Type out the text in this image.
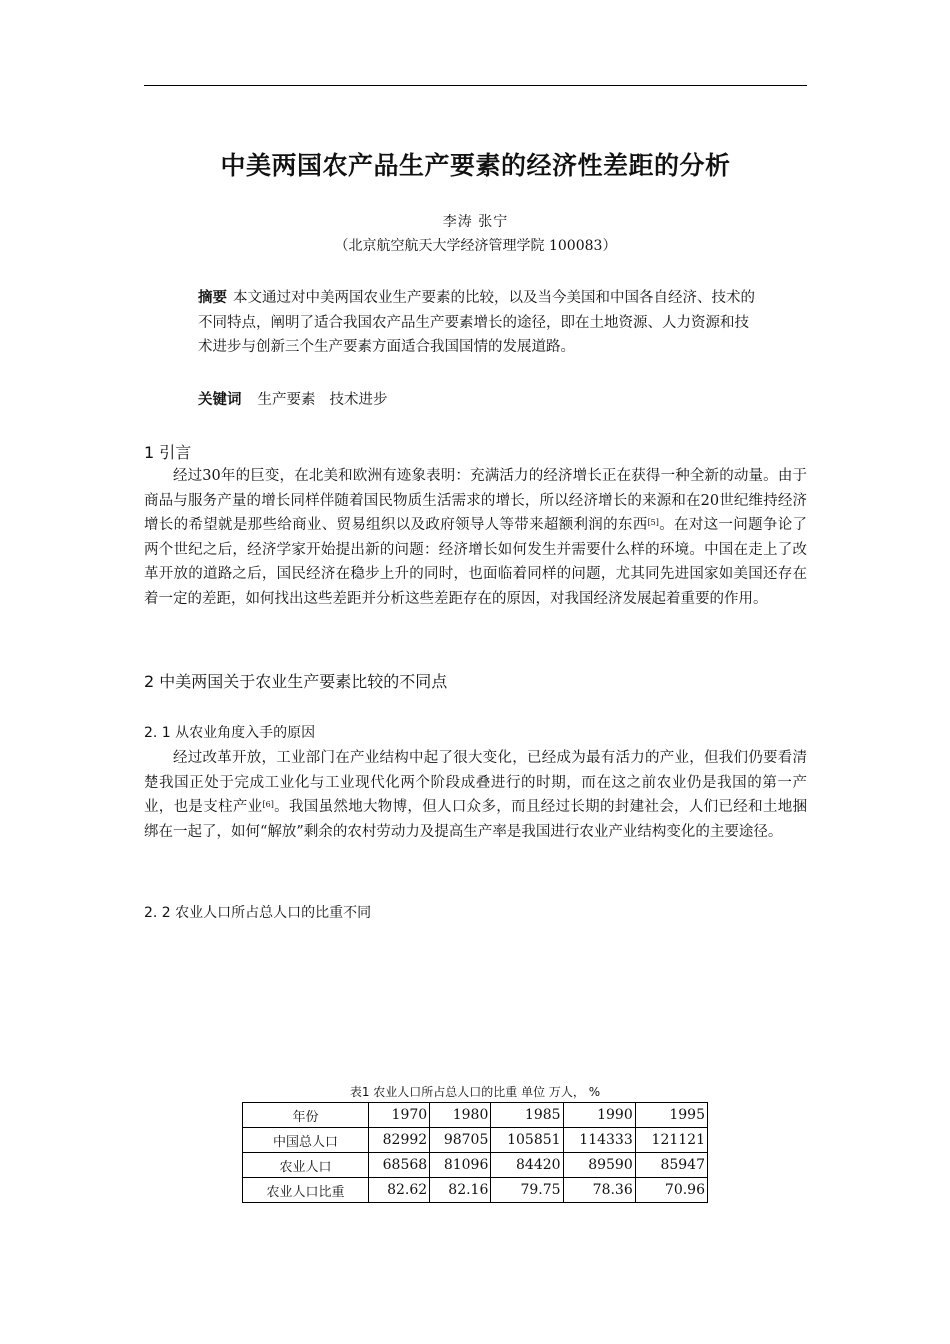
中美两国农产品生产要素的经济性差距的分析
李涛 张宁
（北京航空航天大学经济管理学院 100083）
摘要 本文通过对中美两国农业生产要素的比较，以及当今美国和中国各自经济、技术的不同特点，阐明了适合我国农产品生产要素增长的途径，即在土地资源、人力资源和技术进步与创新三个生产要素方面适合我国国情的发展道路。
关键词 生产要素 技术进步
1 引言
经过30年的巨变，在北美和欧洲有迹象表明：充满活力的经济增长正在获得一种全新的动量。由于商品与服务产量的增长同样伴随着国民物质生活需求的增长，所以经济增长的来源和在20世纪维持经济增长的希望就是那些给商业、贸易组织以及政府领导人等带来超额利润的东西[5]。在对这一问题争论了两个世纪之后，经济学家开始提出新的问题：经济增长如何发生并需要什么样的环境。中国在走上了改革开放的道路之后，国民经济在稳步上升的同时，也面临着同样的问题，尤其同先进国家如美国还存在着一定的差距，如何找出这些差距并分析这些差距存在的原因，对我国经济发展起着重要的作用。
2 中美两国关于农业生产要素比较的不同点
2. 1 从农业角度入手的原因
经过改革开放，工业部门在产业结构中起了很大变化，已经成为最有活力的产业，但我们仍要看清楚我国正处于完成工业化与工业现代化两个阶段成叠进行的时期，而在这之前农业仍是我国的第一产业，也是支柱产业[6]。我国虽然地大物博，但人口众多，而且经过长期的封建社会，人们已经和土地捆绑在一起了，如何“解放”剩余的农村劳动力及提高生产率是我国进行农业产业结构变化的主要途径。
2. 2 农业人口所占总人口的比重不同
表1 农业人口所占总人口的比重 单位 万人， %
年份	1970	1980	1985	1990	1995
中国总人口	82992	98705	105851	114333	121121
农业人口	68568	81096	84420	89590	85947
农业人口比重	82.62	82.16	79.75	78.36	70.96
